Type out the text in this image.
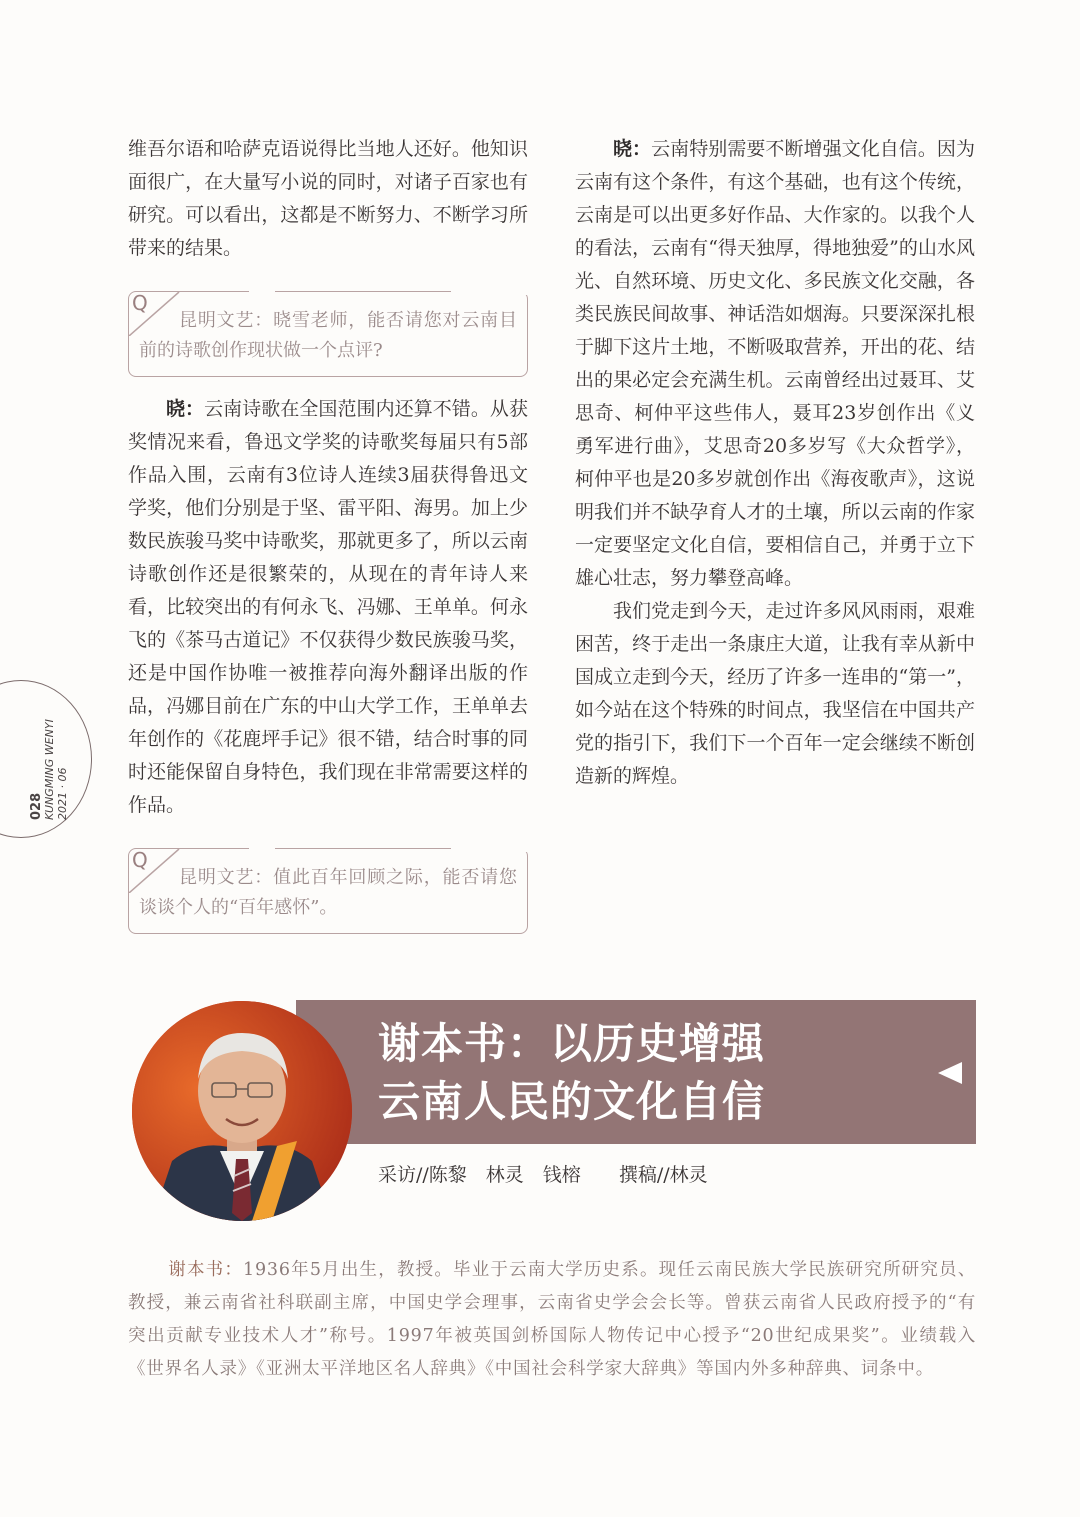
维吾尔语和哈萨克语说得比当地人还好。他知识面很广，在大量写小说的同时，对诸子百家也有研究。可以看出，这都是不断努力、不断学习所带来的结果。

Q
昆明文艺：晓雪老师，能否请您对云南目前的诗歌创作现状做一个点评?

晓：云南诗歌在全国范围内还算不错。从获奖情况来看，鲁迅文学奖的诗歌奖每届只有5部作品入围，云南有3位诗人连续3届获得鲁迅文学奖，他们分别是于坚、雷平阳、海男。加上少数民族骏马奖中诗歌奖，那就更多了，所以云南诗歌创作还是很繁荣的，从现在的青年诗人来看，比较突出的有何永飞、冯娜、王单单。何永飞的《茶马古道记》不仅获得少数民族骏马奖，还是中国作协唯一被推荐向海外翻译出版的作品，冯娜目前在广东的中山大学工作，王单单去年创作的《花鹿坪手记》很不错，结合时事的同时还能保留自身特色，我们现在非常需要这样的作品。

Q
昆明文艺：值此百年回顾之际，能否请您谈谈个人的“百年感怀”。

晓：云南特别需要不断增强文化自信。因为云南有这个条件，有这个基础，也有这个传统，云南是可以出更多好作品、大作家的。以我个人的看法，云南有“得天独厚，得地独爱”的山水风光、自然环境、历史文化、多民族文化交融，各类民族民间故事、神话浩如烟海。只要深深扎根于脚下这片土地，不断吸取营养，开出的花、结出的果必定会充满生机。云南曾经出过聂耳、艾思奇、柯仲平这些伟人，聂耳23岁创作出《义勇军进行曲》，艾思奇20多岁写《大众哲学》，柯仲平也是20多岁就创作出《海夜歌声》，这说明我们并不缺孕育人才的土壤，所以云南的作家一定要坚定文化自信，要相信自己，并勇于立下雄心壮志，努力攀登高峰。

我们党走到今天，走过许多风风雨雨，艰难困苦，终于走出一条康庄大道，让我有幸从新中国成立走到今天，经历了许多一连串的“第一”，如今站在这个特殊的时间点，我坚信在中国共产党的指引下，我们下一个百年一定会继续不断创造新的辉煌。

028
KUNGMING WENYI
2021 · 06
谢本书：以历史增强
云南人民的文化自信
采访//陈黎　林灵　钱榕　　 撰稿//林灵
谢本书：1936年5月出生，教授。毕业于云南大学历史系。现任云南民族大学民族研究所研究员、教授，兼云南省社科联副主席，中国史学会理事，云南省史学会会长等。曾获云南省人民政府授予的“有突出贡献专业技术人才”称号。1997年被英国剑桥国际人物传记中心授予“20世纪成果奖”。业绩载入《世界名人录》《亚洲太平洋地区名人辞典》《中国社会科学家大辞典》等国内外多种辞典、词条中。
